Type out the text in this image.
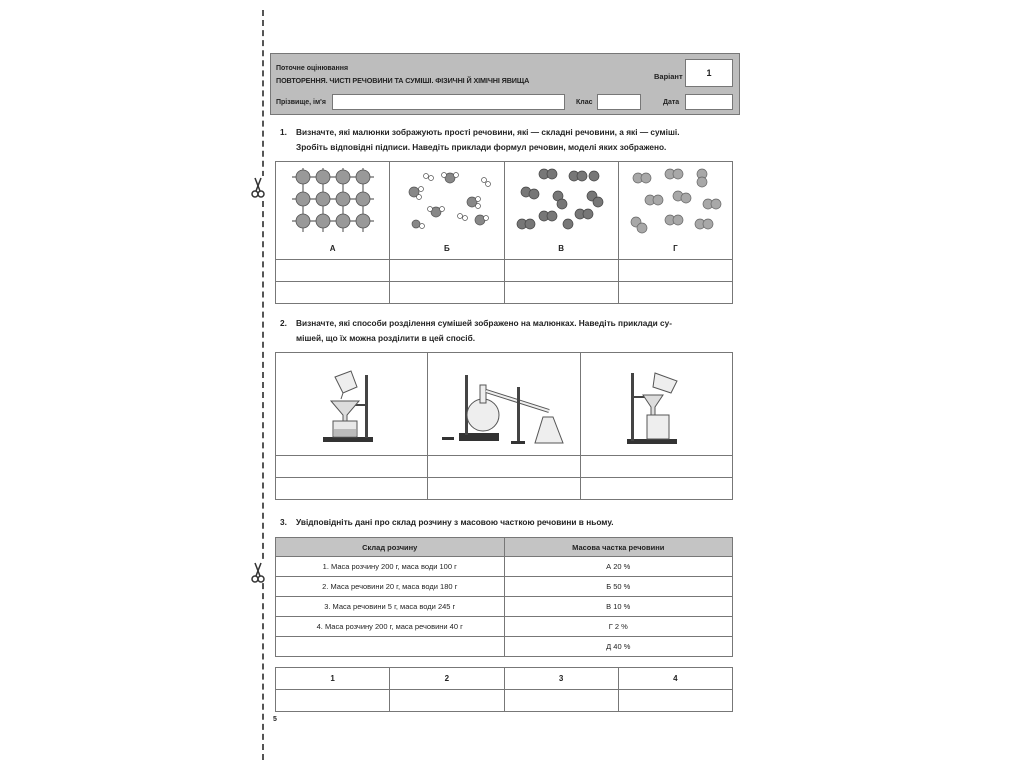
Поточне оцінювання
ПОВТОРЕННЯ. ЧИСТІ РЕЧОВИНИ ТА СУМІШІ. ФІЗИЧНІ Й ХІМІЧНІ ЯВИЩА	Варіант	1
Прізвище, ім'я	Клас	Дата
1. Визначте, які малюнки зображують прості речовини, які — складні речовини, а які — суміші.
Зробіть відповідні підписи. Наведіть приклади формул речовин, моделі яких зображено.
А	Б	В	Г

2. Визначте, які способи розділення сумішей зображено на малюнках. Наведіть приклади су-
мішей, що їх можна розділити в цей спосіб.

3. Увідповідніть дані про склад розчину з масовою часткою речовини в ньому.
Склад розчину	Масова частка речовини
1. Маса розчину 200 г, маса води 100 г	А 20 %
2. Маса речовини 20 г, маса води 180 г	Б 50 %
3. Маса речовини 5 г, маса води 245 г	В 10 %
4. Маса розчину 200 г, маса речовини 40 г	Г 2 %
	Д 40 %
1	2	3	4

5
